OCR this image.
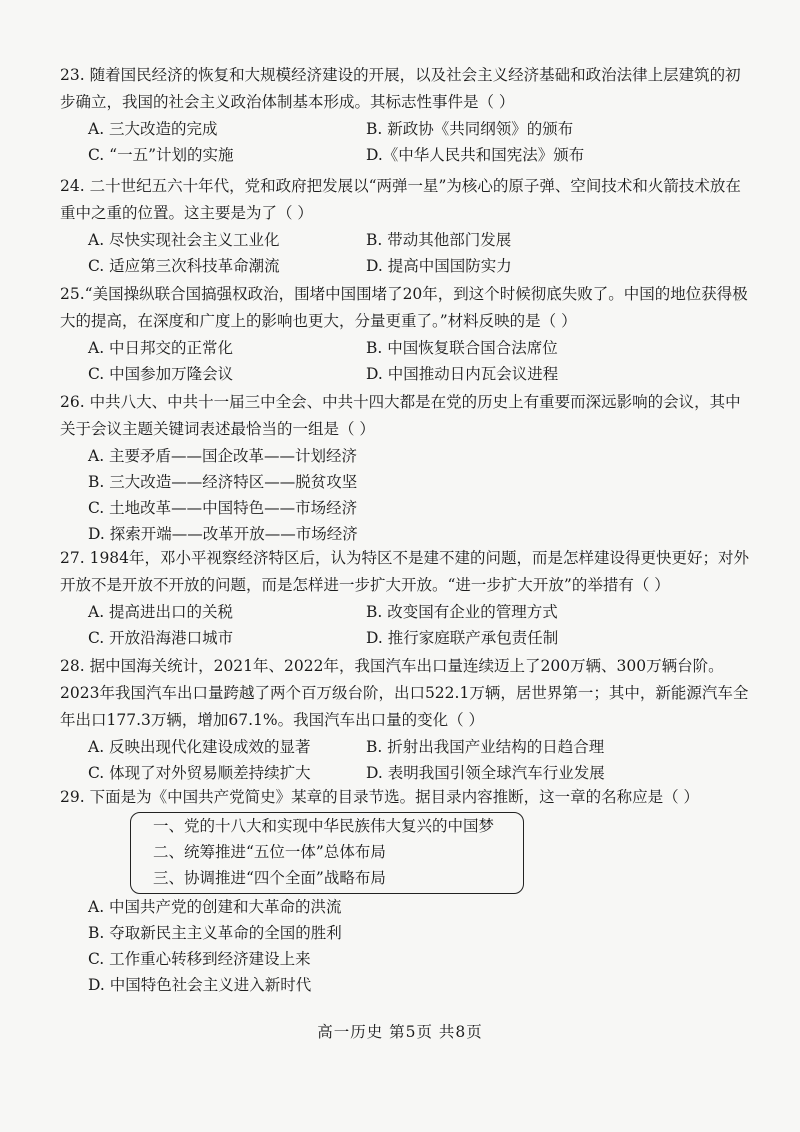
23. 随着国民经济的恢复和大规模经济建设的开展，以及社会主义经济基础和政治法律上层建筑的初步确立，我国的社会主义政治体制基本形成。其标志性事件是（ ）
A. 三大改造的完成	B. 新政协《共同纲领》的颁布
C. “一五”计划的实施	D.《中华人民共和国宪法》颁布
24. 二十世纪五六十年代，党和政府把发展以“两弹一星”为核心的原子弹、空间技术和火箭技术放在重中之重的位置。这主要是为了（ ）
A. 尽快实现社会主义工业化	B. 带动其他部门发展
C. 适应第三次科技革命潮流	D. 提高中国国防实力
25.“美国操纵联合国搞强权政治，围堵中国围堵了20年，到这个时候彻底失败了。中国的地位获得极大的提高，在深度和广度上的影响也更大，分量更重了。”材料反映的是（ ）
A. 中日邦交的正常化	B. 中国恢复联合国合法席位
C. 中国参加万隆会议	D. 中国推动日内瓦会议进程
26. 中共八大、中共十一届三中全会、中共十四大都是在党的历史上有重要而深远影响的会议，其中关于会议主题关键词表述最恰当的一组是（ ）
A. 主要矛盾——国企改革——计划经济
B. 三大改造——经济特区——脱贫攻坚
C. 土地改革——中国特色——市场经济
D. 探索开端——改革开放——市场经济
27. 1984年，邓小平视察经济特区后，认为特区不是建不建的问题，而是怎样建设得更快更好；对外开放不是开放不开放的问题，而是怎样进一步扩大开放。“进一步扩大开放”的举措有（ ）
A. 提高进出口的关税	B. 改变国有企业的管理方式
C. 开放沿海港口城市	D. 推行家庭联产承包责任制
28. 据中国海关统计，2021年、2022年，我国汽车出口量连续迈上了200万辆、300万辆台阶。2023年我国汽车出口量跨越了两个百万级台阶，出口522.1万辆，居世界第一；其中，新能源汽车全年出口177.3万辆，增加67.1%。我国汽车出口量的变化（ ）
A. 反映出现代化建设成效的显著	B. 折射出我国产业结构的日趋合理
C. 体现了对外贸易顺差持续扩大	D. 表明我国引领全球汽车行业发展
29. 下面是为《中国共产党简史》某章的目录节选。据目录内容推断，这一章的名称应是（ ）
一、党的十八大和实现中华民族伟大复兴的中国梦
二、统筹推进“五位一体”总体布局
三、协调推进“四个全面”战略布局
A. 中国共产党的创建和大革命的洪流
B. 夺取新民主主义革命的全国的胜利
C. 工作重心转移到经济建设上来
D. 中国特色社会主义进入新时代
高一历史 第5页 共8页
